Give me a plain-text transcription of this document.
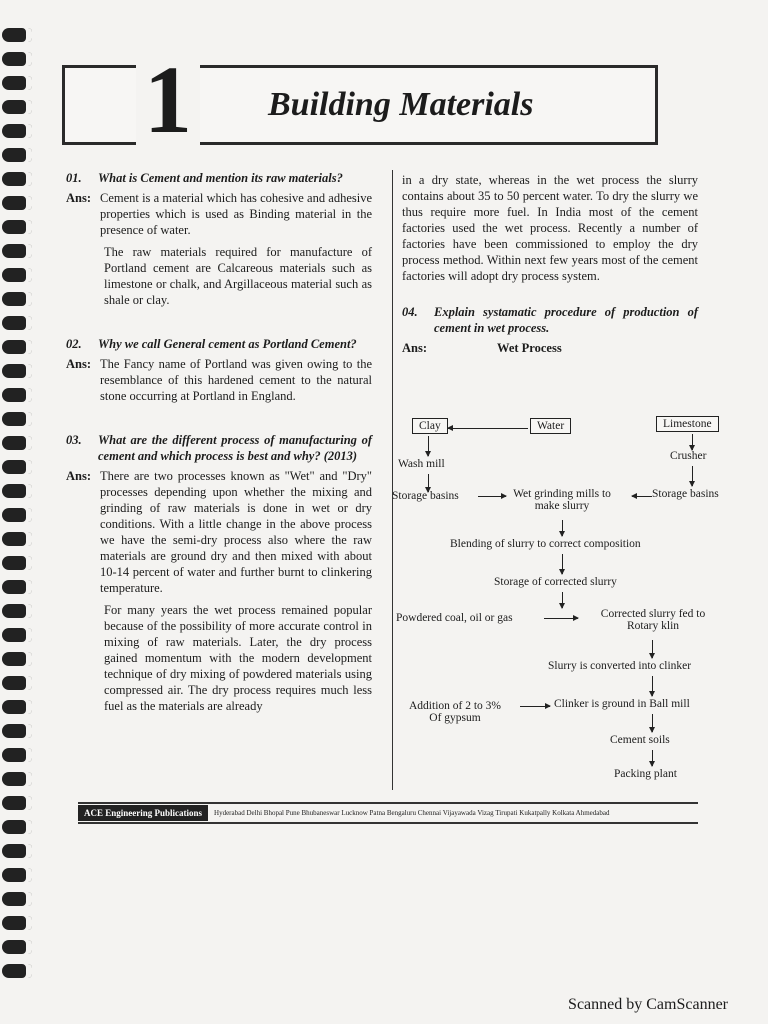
1 Building Materials
01.	What is Cement and mention its raw materials?
Ans: Cement is a material which has cohesive and adhesive properties which is used as Binding material in the presence of water.
The raw materials required for manufacture of Portland cement are Calcareous materials such as limestone or chalk, and Argillaceous material such as shale or clay.
02.	Why we call General cement as Portland Cement?
Ans: The Fancy name of Portland was given owing to the resemblance of this hardened cement to the natural stone occurring at Portland in England.
03.	What are the different process of manufacturing of cement and which process is best and why? (2013)
Ans: There are two processes known as "Wet" and "Dry" processes depending upon whether the mixing and grinding of raw materials is done in wet or dry conditions. With a little change in the above process we have the semi-dry process also where the raw materials are ground dry and then mixed with about 10-14 percent of water and further burnt to clinkering temperature.
For many years the wet process remained popular because of the possibility of more accurate control in mixing of raw materials. Later, the dry process gained momentum with the modern development technique of dry mixing of powdered materials using compressed air. The dry process requires much less fuel as the materials are already
in a dry state, whereas in the wet process the slurry contains about 35 to 50 percent water. To dry the slurry we thus require more fuel. In India most of the cement factories used the wet process. Recently a number of factories have been commissioned to employ the dry process method. Within next few years most of the cement factories will adopt dry process system.
04.	Explain systamatic procedure of production of cement in wet process.
Ans:	Wet Process
Clay	Water	Limestone
Wash mill
Crusher
Storage basins	Wet grinding mills to
make slurry
Storage basins
Blending of slurry to correct composition
Storage of corrected slurry
Powdered coal, oil or gas	Corrected slurry fed to
Rotary klin
Slurry is converted into clinker
Addition of 2 to 3%
Of gypsum
Clinker is ground in Ball mill
Cement soils
Packing plant
ACE Engineering Publications	Hyderabad Delhi Bhopal Pune Bhubaneswar Lucknow Patna Bengaluru Chennai Vijayawada Vizag Tirupati Kukatpally Kolkata Ahmedabad
Scanned by CamScanner
